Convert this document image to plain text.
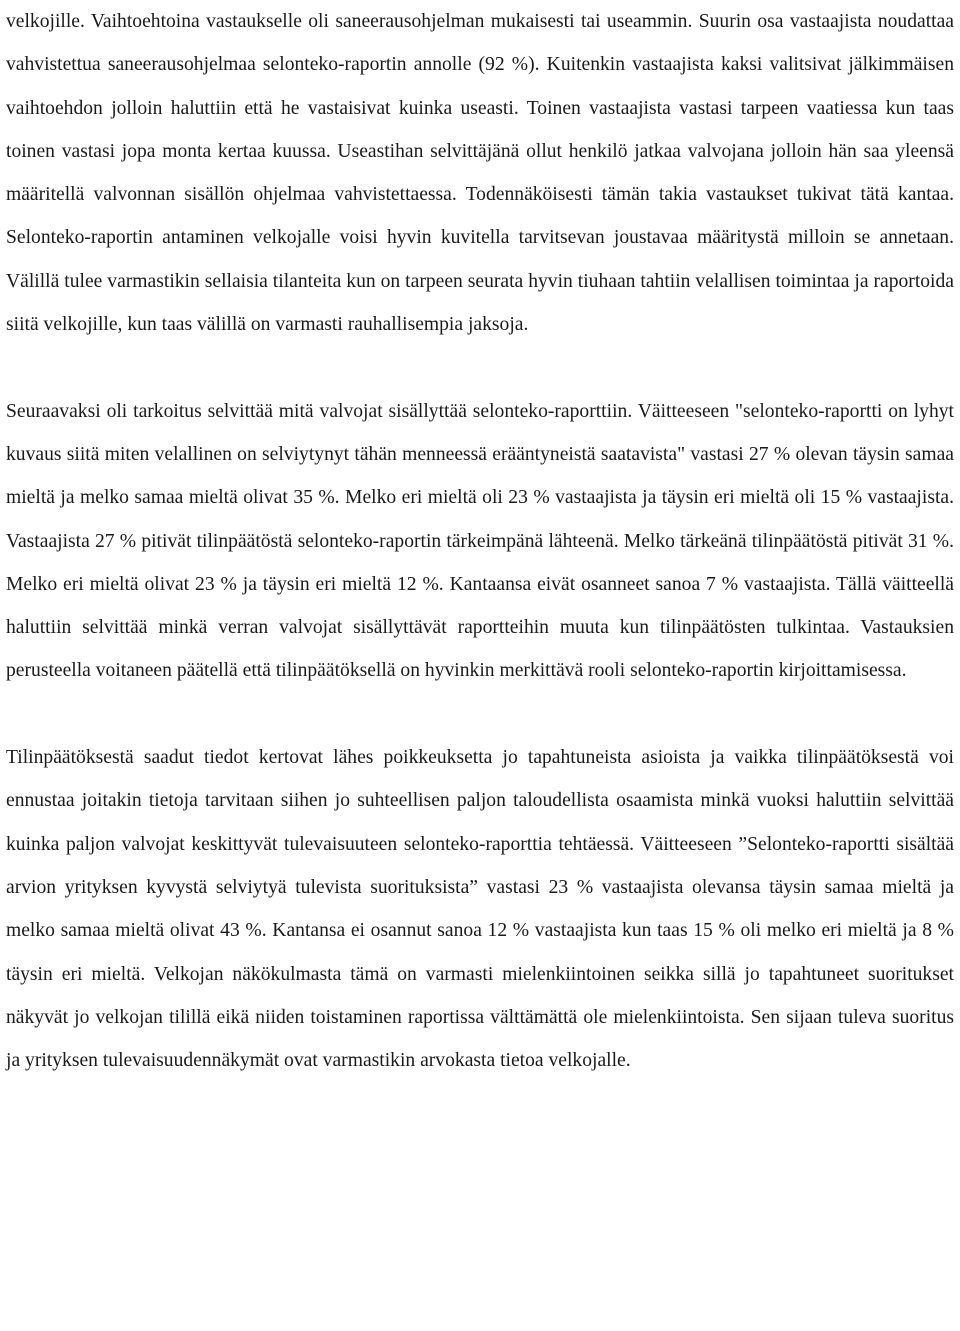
velkojille. Vaihtoehtoina vastaukselle oli saneerausohjelman mukaisesti tai useammin. Suurin osa vastaajista noudattaa vahvistettua saneerausohjelmaa selonteko-raportin annolle (92 %). Kuitenkin vastaajista kaksi valitsivat jälkimmäisen vaihtoehdon jolloin haluttiin että he vastaisivat kuinka useasti. Toinen vastaajista vastasi tarpeen vaatiessa kun taas toinen vastasi jopa monta kertaa kuussa. Useastihan selvittäjänä ollut henkilö jatkaa valvojana jolloin hän saa yleensä määritellä valvonnan sisällön ohjelmaa vahvistettaessa. Todennäköisesti tämän takia vastaukset tukivat tätä kantaa. Selonteko-raportin antaminen velkojalle voisi hyvin kuvitella tarvitsevan joustavaa määritystä milloin se annetaan. Välillä tulee varmastikin sellaisia tilanteita kun on tarpeen seurata hyvin tiuhaan tahtiin velallisen toimintaa ja raportoida siitä velkojille, kun taas välillä on varmasti rauhallisempia jaksoja.

Seuraavaksi oli tarkoitus selvittää mitä valvojat sisällyttää selonteko-raporttiin. Väitteeseen "selonteko-raportti on lyhyt kuvaus siitä miten velallinen on selviytynyt tähän menneessä erääntyneistä saatavista" vastasi 27 % olevan täysin samaa mieltä ja melko samaa mieltä olivat 35 %. Melko eri mieltä oli 23 % vastaajista ja täysin eri mieltä oli 15 % vastaajista. Vastaajista 27 % pitivät tilinpäätöstä selonteko-raportin tärkeimpänä lähteenä. Melko tärkeänä tilinpäätöstä pitivät 31 %. Melko eri mieltä olivat 23 % ja täysin eri mieltä 12 %. Kantaansa eivät osanneet sanoa 7 % vastaajista. Tällä väitteellä haluttiin selvittää minkä verran valvojat sisällyttävät raportteihin muuta kun tilinpäätösten tulkintaa. Vastauksien perusteella voitaneen päätellä että tilinpäätöksellä on hyvinkin merkittävä rooli selonteko-raportin kirjoittamisessa.

Tilinpäätöksestä saadut tiedot kertovat lähes poikkeuksetta jo tapahtuneista asioista ja vaikka tilinpäätöksestä voi ennustaa joitakin tietoja tarvitaan siihen jo suhteellisen paljon taloudellista osaamista minkä vuoksi haluttiin selvittää kuinka paljon valvojat keskittyvät tulevaisuuteen selonteko-raporttia tehtäessä. Väitteeseen ”Selonteko-raportti sisältää arvion yrityksen kyvystä selviytyä tulevista suorituksista” vastasi 23 % vastaajista olevansa täysin samaa mieltä ja melko samaa mieltä olivat 43 %. Kantansa ei osannut sanoa 12 % vastaajista kun taas 15 % oli melko eri mieltä ja 8 % täysin eri mieltä. Velkojan näkökulmasta tämä on varmasti mielenkiintoinen seikka sillä jo tapahtuneet suoritukset näkyvät jo velkojan tilillä eikä niiden toistaminen raportissa välttämättä ole mielenkiintoista. Sen sijaan tuleva suoritus ja yrityksen tulevaisuudennäkymät ovat varmastikin arvokasta tietoa velkojalle.
